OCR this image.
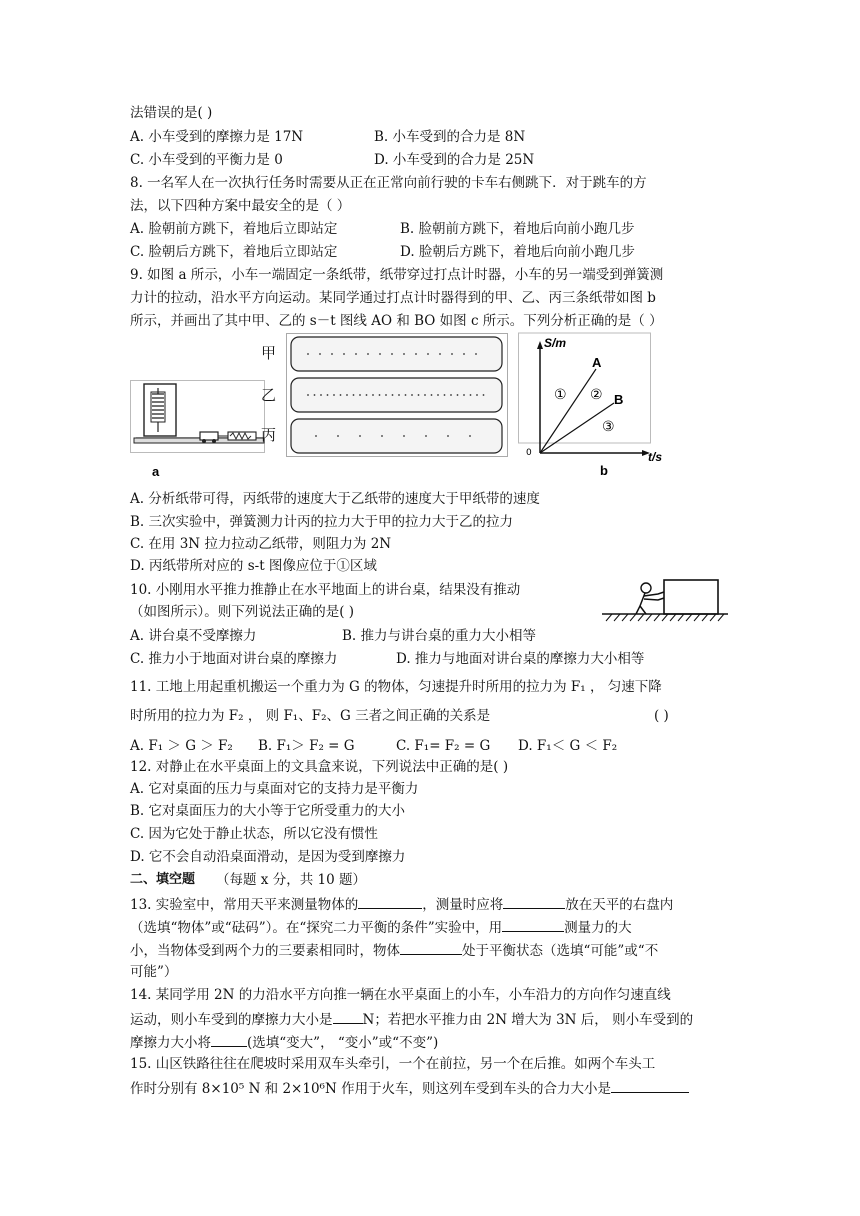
法错误的是( )
A. 小车受到的摩擦力是 17N	B. 小车受到的合力是 8N
C. 小车受到的平衡力是 0	D. 小车受到的合力是 25N
8. 一名军人在一次执行任务时需要从正在正常向前行驶的卡车右侧跳下．对于跳车的方
法，以下四种方案中最安全的是（ ）
A. 脸朝前方跳下，着地后立即站定	B. 脸朝前方跳下，着地后向前小跑几步
C. 脸朝后方跳下，着地后立即站定	D. 脸朝后方跳下，着地后向前小跑几步
9. 如图 a 所示，小车一端固定一条纸带，纸带穿过打点计时器，小车的另一端受到弹簧测
力计的拉动，沿水平方向运动。某同学通过打点计时器得到的甲、乙、丙三条纸带如图 b
所示，并画出了其中甲、乙的 s－t 图线 AO 和 BO 如图 c 所示。下列分析正确的是（ ）
a
甲
乙
丙
S/m
A
B
① ②
③
0	t/s
b
A. 分析纸带可得，丙纸带的速度大于乙纸带的速度大于甲纸带的速度
B. 三次实验中，弹簧测力计丙的拉力大于甲的拉力大于乙的拉力
C. 在用 3N 拉力拉动乙纸带，则阻力为 2N
D. 丙纸带所对应的 s-t 图像应位于①区域
10. 小刚用水平推力推静止在水平地面上的讲台桌，结果没有推动
（如图所示）。则下列说法正确的是( )
A. 讲台桌不受摩擦力	B. 推力与讲台桌的重力大小相等
C. 推力小于地面对讲台桌的摩擦力	D. 推力与地面对讲台桌的摩擦力大小相等
11. 工地上用起重机搬运一个重力为 G 的物体，匀速提升时所用的拉力为 F₁ ， 匀速下降
时所用的拉力为 F₂ ， 则 F₁、F₂、G 三者之间正确的关系是	( )
A. F₁ ＞ G ＞ F₂ B. F₁＞ F₂ = G	C. F₁= F₂ = G D. F₁＜ G ＜ F₂
12. 对静止在水平桌面上的文具盒来说，下列说法中正确的是( )
A. 它对桌面的压力与桌面对它的支持力是平衡力
B. 它对桌面压力的大小等于它所受重力的大小
C. 因为它处于静止状态，所以它没有惯性
D. 它不会自动沿桌面滑动，是因为受到摩擦力
二、填空题 （每题 x 分，共 10 题）
13. 实验室中，常用天平来测量物体的	，测量时应将	放在天平的右盘内
（选填“物体”或“砝码”）。在“探究二力平衡的条件”实验中，用	测量力的大
小，当物体受到两个力的三要素相同时，物体	处于平衡状态（选填“可能”或“不
可能”）
14. 某同学用 2N 的力沿水平方向推一辆在水平桌面上的小车，小车沿力的方向作匀速直线
运动，则小车受到的摩擦力大小是 N；若把水平推力由 2N 增大为 3N 后， 则小车受到的
摩擦力大小将	(选填“变大”， “变小”或“不变”)
15. 山区铁路往往在爬坡时采用双车头牵引，一个在前拉，另一个在后推。如两个车头工
作时分别有 8×10⁵ N 和 2×10⁶N 作用于火车，则这列车受到车头的合力大小是
